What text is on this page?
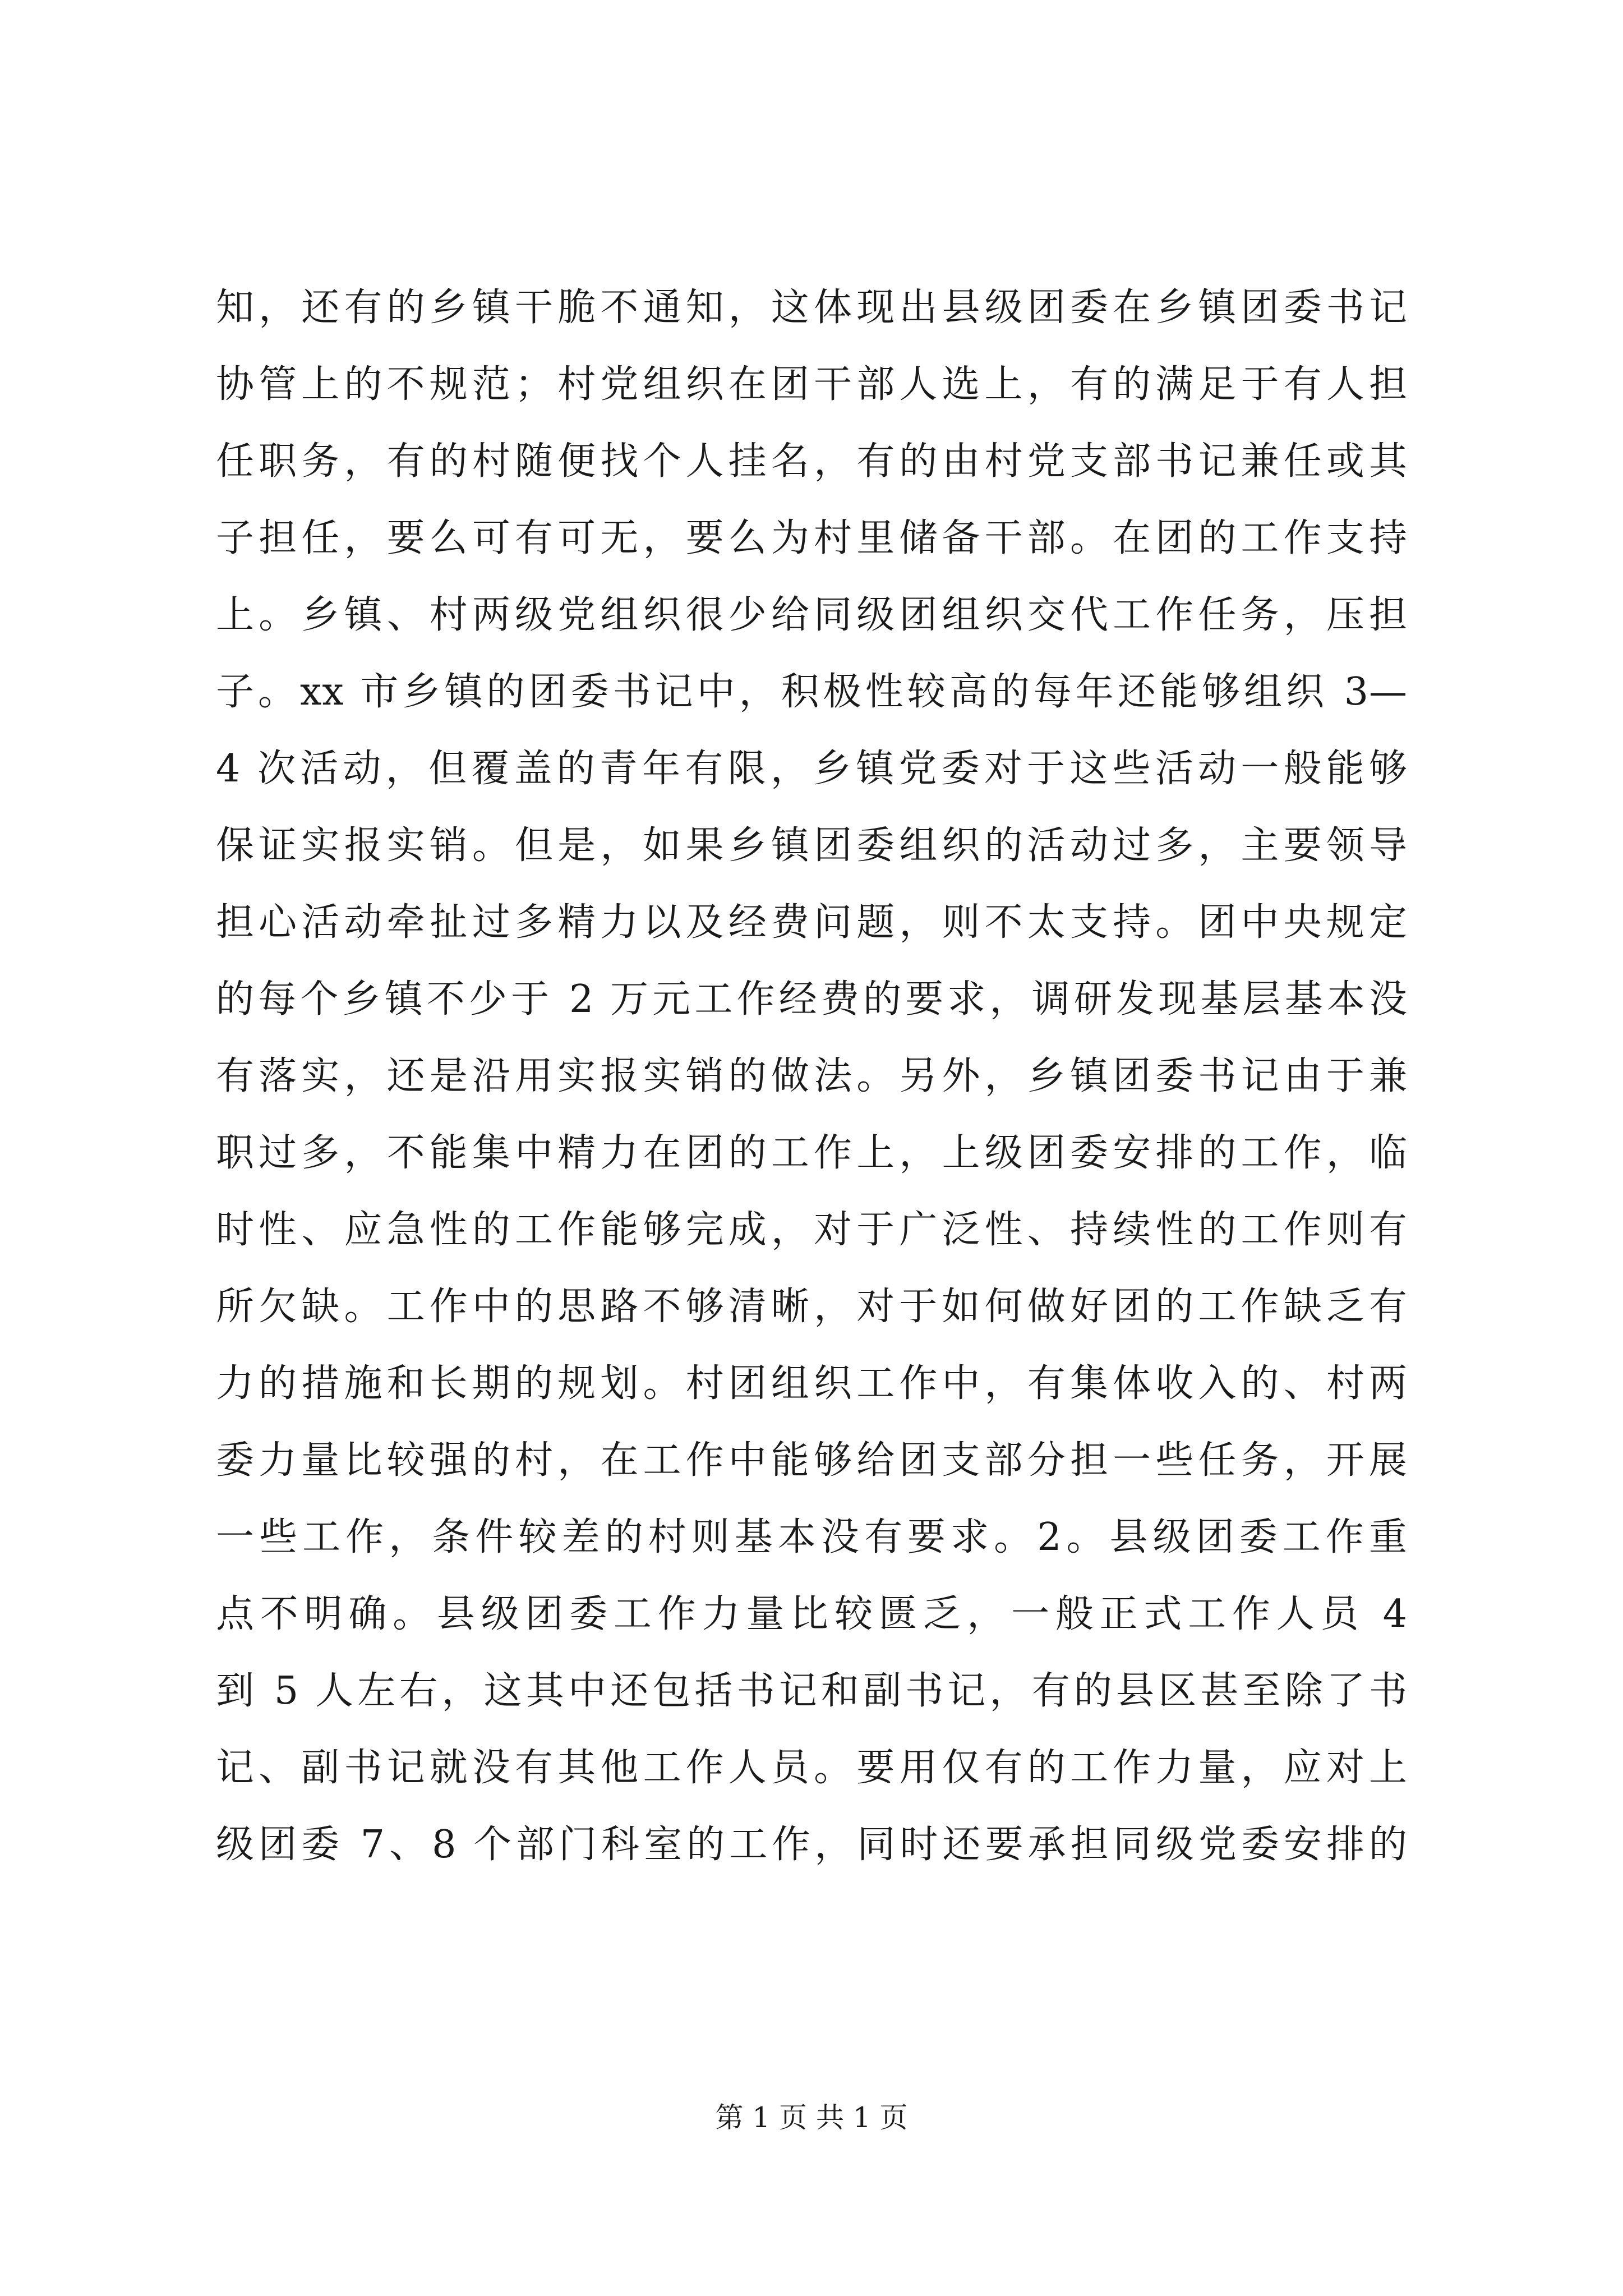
知，还有的乡镇干脆不通知，这体现出县级团委在乡镇团委书记
协管上的不规范；村党组织在团干部人选上，有的满足于有人担
任职务，有的村随便找个人挂名，有的由村党支部书记兼任或其
子担任，要么可有可无，要么为村里储备干部。在团的工作支持
上。乡镇、村两级党组织很少给同级团组织交代工作任务，压担
子。xx 市乡镇的团委书记中，积极性较高的每年还能够组织 3—
4 次活动，但覆盖的青年有限，乡镇党委对于这些活动一般能够
保证实报实销。但是，如果乡镇团委组织的活动过多，主要领导
担心活动牵扯过多精力以及经费问题，则不太支持。团中央规定
的每个乡镇不少于 2 万元工作经费的要求，调研发现基层基本没
有落实，还是沿用实报实销的做法。另外，乡镇团委书记由于兼
职过多，不能集中精力在团的工作上，上级团委安排的工作，临
时性、应急性的工作能够完成，对于广泛性、持续性的工作则有
所欠缺。工作中的思路不够清晰，对于如何做好团的工作缺乏有
力的措施和长期的规划。村团组织工作中，有集体收入的、村两
委力量比较强的村，在工作中能够给团支部分担一些任务，开展
一些工作，条件较差的村则基本没有要求。2。县级团委工作重
点不明确。县级团委工作力量比较匮乏，一般正式工作人员 4
到 5 人左右，这其中还包括书记和副书记，有的县区甚至除了书
记、副书记就没有其他工作人员。要用仅有的工作力量，应对上
级团委 7、8 个部门科室的工作，同时还要承担同级党委安排的
第 1 页 共 1 页
